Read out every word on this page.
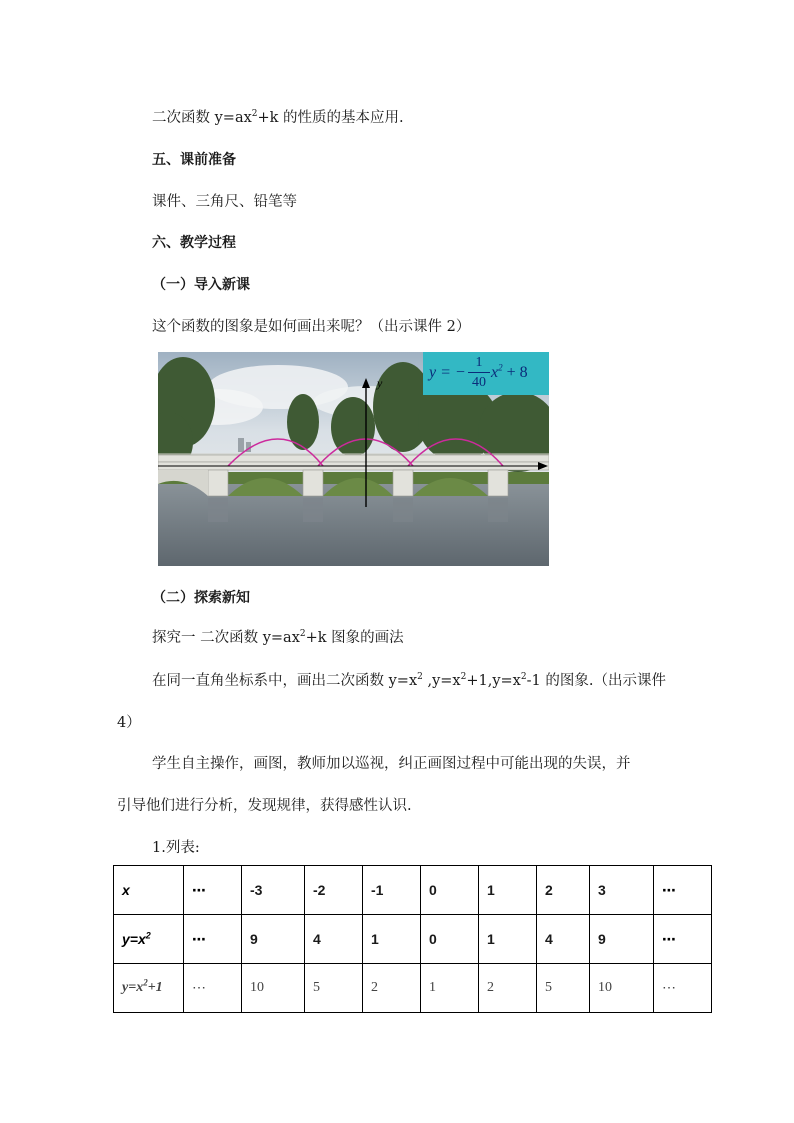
二次函数 $y=ax^2+k$ 的性质的基本应用.
五、课前准备
课件、三角尺、铅笔等
六、教学过程
（一）导入新课
这个函数的图象是如何画出来呢？（出示课件 2）
y
y = − $\frac{1}{40} x^2 + 8$
（二）探索新知
探究一 二次函数 $y=ax^2+k$ 图象的画法
在同一直角坐标系中，画出二次函数 $y=x^2$ $,y=x^2+1,y=x^2-1$ 的图象.（出示课件
4）
学生自主操作，画图，教师加以巡视，纠正画图过程中可能出现的失误，并
引导他们进行分析，发现规律，获得感性认识.
1.列表:
x	⋯	-3	-2	-1	0	1	2	3	⋯
$y=x^2$	⋯	9	4	1	0	1	4	9	⋯
$y=x^2+1$	⋯	10	5	2	1	2	5	10	⋯
